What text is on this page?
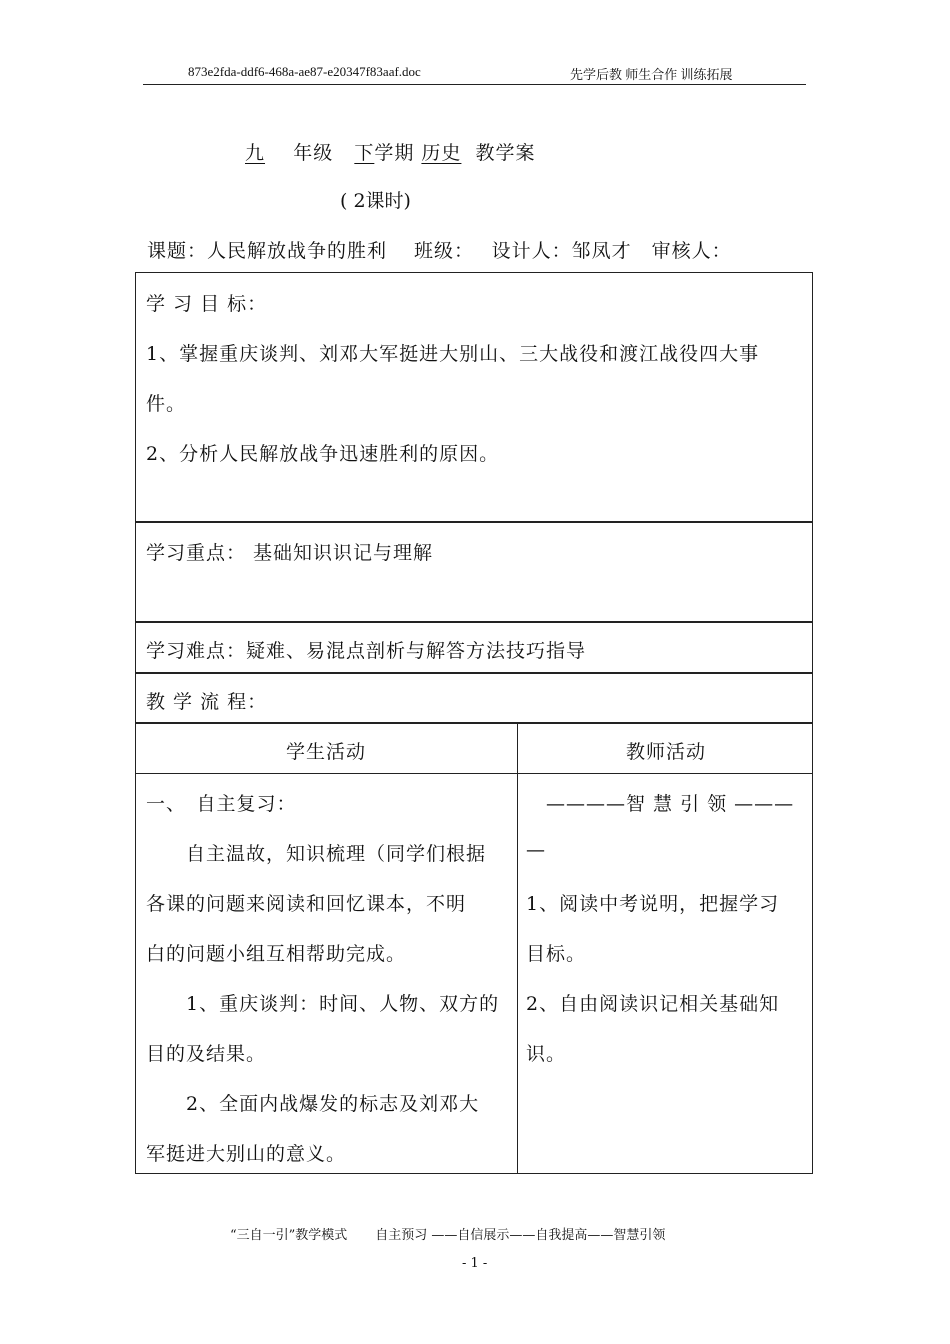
873e2fda-ddf6-468a-ae87-e20347f83aaf.doc	先学后教 师生合作 训练拓展
九 年级 下学期 历史 教学案
( 2课时)
课题：人民解放战争的胜利　 班级：　 设计人：邹凤才　审核人：
学 习 目 标：
1、掌握重庆谈判、刘邓大军挺进大别山、三大战役和渡江战役四大事
件。
2、分析人民解放战争迅速胜利的原因。
学习重点： 基础知识识记与理解
学习难点：疑难、易混点剖析与解答方法技巧指导
教 学 流 程：
学生活动	教师活动
一、　自主复习：
　　自主温故，知识梳理（同学们根据
各课的问题来阅读和回忆课本，不明
白的问题小组互相帮助完成。
　　1、重庆谈判：时间、人物、双方的
目的及结果。
　　2、全面内战爆发的标志及刘邓大
军挺进大别山的意义。
　————智 慧 引 领 ———
—
1、阅读中考说明，把握学习
目标。
2、自由阅读识记相关基础知
识。
“三自一引”教学模式 自主预习 ——自信展示——自我提高——智慧引领
- 1 -
